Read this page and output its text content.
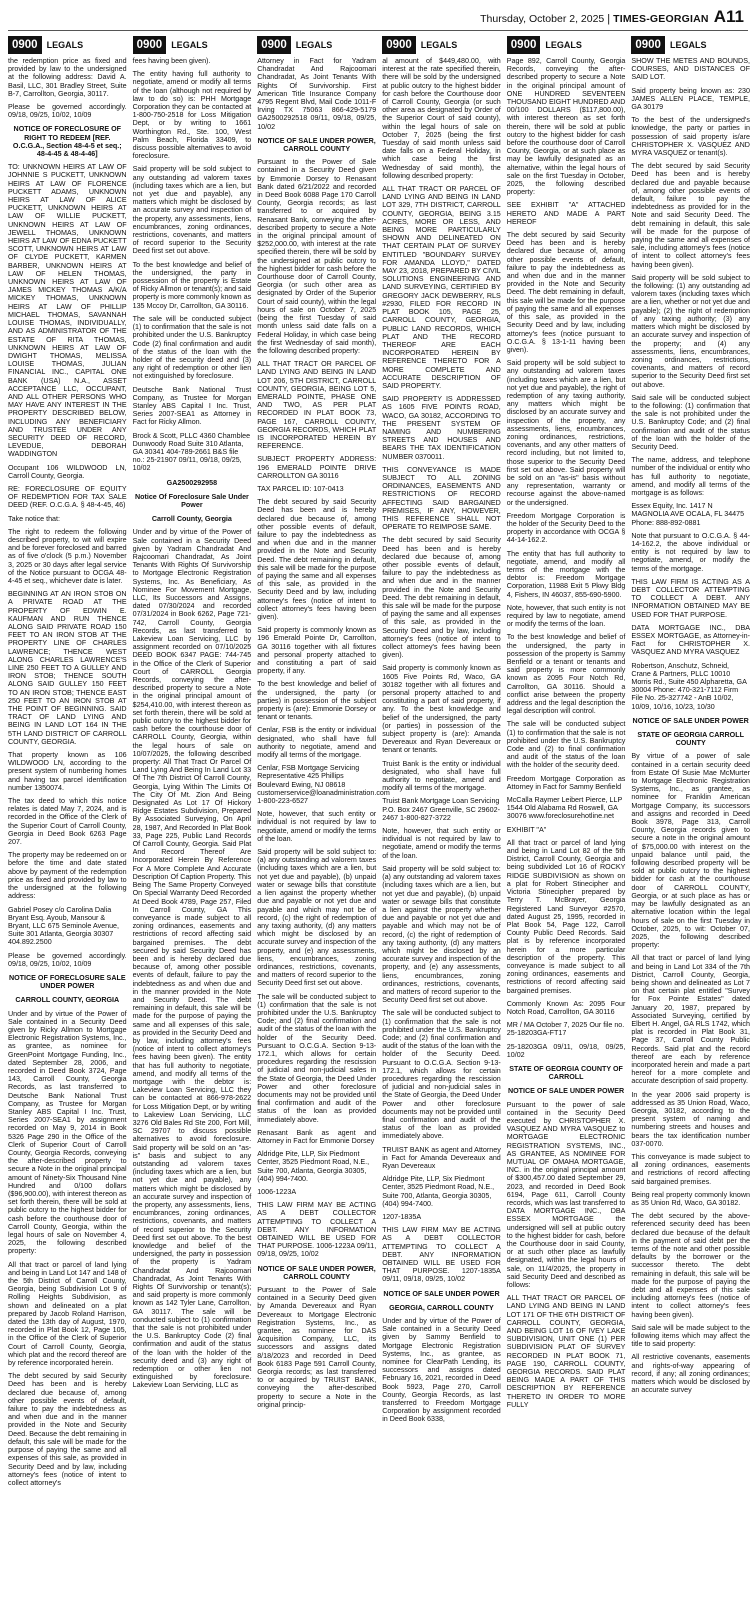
Thursday, October 2, 2025 | TIMES-GEORGIAN A11
0900	LEGALS

the redemption price as fixed and provided by law to the undersigned at the following address: David A. Basil, LLC, 301 Bradley Street, Suite B-7, Carrollton, Georgia, 30117.

Please be governed accordingly. 09/18, 09/25, 10/02, 10/09

NOTICE OF FORECLOSURE OF RIGHT TO REDEEM [REF. O.C.G.A., Section 48-4-5 et seq.; 48-4-45 & 48-4-46]

TO: UNKNOWN HEIRS AT LAW OF JOHNNIE S PUCKETT, UNKNOWN HEIRS AT LAW OF FLORENCE PUCKETT ADAMS, UNKNOWN HEIRS AT LAW OF ALICE PUCKETT, UNKNOWN HEIRS AT LAW OF WILLIE PUCKETT, UNKNOWN HEIRS AT LAW OF JEWELL THOMAS, UNKNOWN HEIRS AT LAW OF EDNA PUCKETT SCOTT, UNKNOWN HEIRS AT LAW OF CLYDE PUCKETT, KARMEN BARBER, UNKNOWN HEIRS AT LAW OF HELEN THOMAS, UNKNOWN HEIRS AT LAW OF JAMES MICKEY THOMAS A/K/A MICKEY THOMAS, UNKNOWN HEIRS AT LAW OF PHILLIP MICHAEL THOMAS, SAVANNAH LOUISE THOMAS, INDIVIDUALLY, AND AS ADMINISTRATOR OF THE ESTATE OF RITA THOMAS, UNKNOWN HEIRS AT LAW OF DWIGHT THOMAS, MELISSA LOUISE THOMAS, JULIAN FINANCIAL INC., CAPITAL ONE BANK (USA) N.A., ASSET ACCEPTANCE LLC, OCCUPANT, AND ALL OTHER PERSONS WHO MAY HAVE ANY INTEREST IN THE PROPERTY DESCRIBED BELOW, INCLUDING ANY BENEFICIARY AND TRUSTEE UNDER ANY SECURITY DEED OF RECORD, LEVEDUE, DEBORAH WADDINGTON

Occupant 106 WILDWOOD LN, Carroll County, Georgia.

RE: FORECLOSURE OF EQUITY OF REDEMPTION FOR TAX SALE DEED (REF. O.C.G.A. § 48-4-45, 46)

Take notice that:

The right to redeem the following described property, to wit will expire and be forever foreclosed and barred as of five o'clock (5 p.m.) November 3, 2025 or 30 days after legal service of the Notice pursuant to OCGA 48-4-45 et seq., whichever date is later.

BEGINNING AT AN IRON STOB ON A PRIVATE ROAD AT THE PROPERTY OF EDWIN E. KAUFMAN AND RUN THENCE ALONG SAID PRIVATE ROAD 150 FEET TO AN IRON STOB AT THE PROPERTY LINE OF CHARLES LAWRENCE; THENCE WEST ALONG CHARLES LAWRENCE'S LINE 250 FEET TO A GULLEY AND IRON STOB; THENCE SOUTH ALONG SAID GULLEY 150 FEET TO AN IRON STOB; THENCE EAST 250 FEET TO AN IRON STOB AT THE POINT OF BEGINNING. SAID TRACT OF LAND LYING AND BEING IN LAND LOT 164 IN THE 5TH LAND DISTRICT OF CARROLL COUNTY, GEORGIA.

That property known as 106 WILDWOOD LN, according to the present system of numbering homes and having tax parcel identification number 1350074.

The tax deed to which this notice relates is dated May 7, 2024, and is recorded in the Office of the Clerk of the Superior Court of Carroll County, Georgia in Deed Book 6263 Page 207.

The property may be redeemed on or before the time and date stated above by payment of the redemption price as fixed and provided by law to the undersigned at the following address:

Gabriel Posey c/o Carolina Dalia Bryant Esq. Ayoub, Mansour & Bryant, LLC 675 Seminole Avenue, Suite 301 Atlanta, Georgia 30307 404.892.2500

Please be governed accordingly. 09/18, 09/25, 10/02, 10/09

NOTICE OF FORECLOSURE SALE UNDER POWER

CARROLL COUNTY, GEORGIA

Under and by virtue of the Power of Sale contained in a Security Deed given by Ricky Allmon to Mortgage Electronic Registration Systems, Inc., as grantee, as nominee for GreenPoint Mortgage Funding, Inc., dated September 28, 2006, and recorded in Deed Book 3724, Page 143, Carroll County, Georgia Records, as last transferred to Deutsche Bank National Trust Company, as Trustee for Morgan Stanley ABS Capital I Inc. Trust, Series 2007-SEA1 by assignment recorded on May 9, 2014 in Book 5326 Page 290 in the Office of the Clerk of Superior Court of Carroll County, Georgia Records, conveying the after-described property to secure a Note in the original principal amount of Ninety-Six Thousand Nine Hundred and 0/100 dollars ($96,900.00), with interest thereon as set forth therein, there will be sold at public outcry to the highest bidder for cash before the courthouse door of Carroll County, Georgia, within the legal hours of sale on November 4, 2025, the following described property:

All that tract or parcel of land lying and being in Land Lot 147 and 148 of the 5th District of Carroll County, Georgia, being Subdivision Lot 9 of Rolling Heights Subdivision, as shown and delineated on a plat prepared by Jacob Roland Harrison, dated the 13th day of August, 1970, recorded in Plat Book 12, Page 105, in the Office of the Clerk of Superior Court of Carroll County, Georgia, which plat and the record thereof are by reference incorporated herein.

The debt secured by said Security Deed has been and is hereby declared due because of, among other possible events of default, failure to pay the indebtedness as and when due and in the manner provided in the Note and Security Deed. Because the debt remaining in default, this sale will be made for the purpose of paying the same and all expenses of this sale, as provided in Security Deed and by law, including attorney's fees (notice of intent to collect attorney's

0900	LEGALS

fees having been given).

The entity having full authority to negotiate, amend or modify all terms of the loan (although not required by law to do so) is: PHH Mortgage Corporation they can be contacted at 1-800-750-2518 for Loss Mitigation Dept, or by writing to 1661 Worthington Rd., Ste. 100, West Palm Beach, Florida 33409, to discuss possible alternatives to avoid foreclosure.

Said property will be sold subject to any outstanding ad valorem taxes (including taxes which are a lien, but not yet due and payable), any matters which might be disclosed by an accurate survey and inspection of the property, any assessments, liens, encumbrances, zoning ordinances, restrictions, covenants, and matters of record superior to the Security Deed first set out above.

To the best knowledge and belief of the undersigned, the party in possession of the property is Estate of Ricky Allmon or tenant(s); and said property is more commonly known as 135 Mccoy Dr, Carrollton, GA 30116.

The sale will be conducted subject (1) to confirmation that the sale is not prohibited under the U.S. Bankruptcy Code (2) final confirmation and audit of the status of the loan with the holder of the security deed and (3) any right of redemption or other lien not extinguished by foreclosure.

Deutsche Bank National Trust Company, as Trustee for Morgan Stanley ABS Capital I Inc. Trust, Series 2007-SEA1 as Attorney in Fact for Ricky Allmon.

Brock & Scott, PLLC 4360 Chamblee Dunwoody Road Suite 310 Atlanta, GA 30341 404-789-2661 B&S file no.: 25-21907 09/11, 09/18, 09/25, 10/02

GA2500292958

Notice Of Foreclosure Sale Under Power

Carroll County, Georgia

Under and by virtue of the Power of Sale contained in a Security Deed given by Yadram Chandradat And Rajcoomari Chandradat, As Joint Tenants With Rights Of Survivorship to Mortgage Electronic Registration Systems, Inc. As Beneficiary, As Nominee For Movement Mortgage, LLC, Its Successors and Assigns, dated 07/30/2024 and recorded 07/31/2024 in Book 6262, Page 721-742, Carroll County, Georgia Records, as last transferred to Lakeview Loan Servicing, LLC by assignment recorded on 07/10/2025 DEED BOOK 6347 PAGE: 744-745 in the Office of the Clerk of Superior Court of CARROLL Georgia Records, conveying the after-described property to secure a Note in the original principal amount of $254,410.00, with interest thereon as set forth therein, there will be sold at public outcry to the highest bidder for cash before the courthouse door of CARROLL County, Georgia, within the legal hours of sale on 10/07/2025, the following described property: All That Tract Or Parcel Of Land Lying And Being In Land Lot 33 Of The 7th District Of Carroll County, Georgia, Lying Within The Limits Of The City Of Mt. Zion And Being Designated As Lot 17 Of Hickory Ridge Estates Subdivision, Prepared By Associated Surveying, On April 28, 1987, And Recorded In Plat Book 33, Page 225, Public Land Records Of Carroll County, Georgia. Said Plat And Record Thereof Are Incorporated Herein By Reference For A More Complete And Accurate Description Of Caption Property. This Being The Same Property Conveyed On Special Warranty Deed Recorded At Deed Book 4789, Page 257, Filed In Carroll County, GA This conveyance is made subject to all zoning ordinances, easements and restrictions of record affecting said bargained premises. The debt secured by said Security Deed has been and is hereby declared due because of, among other possible events of default, failure to pay the indebtedness as and when due and in the manner provided in the Note and Security Deed. The debt remaining in default, this sale will be made for the purpose of paying the same and all expenses of this sale, as provided in the Security Deed and by law, including attorney's fees (notice of intent to collect attorney's fees having been given). The entity that has full authority to negotiate, amend, and modify all terms of the mortgage with the debtor is: Lakeview Loan Servicing, LLC they can be contacted at 866-978-2622 for Loss Mitigation Dept, or by writing to Lakeview Loan Servicing, LLC 3276 Old Bales Rd Ste 200, Fort Mill, SC 29707 to discuss possible alternatives to avoid foreclosure. Said property will be sold on an "as-is" basis and subject to any outstanding ad valorem taxes (including taxes which are a lien, but not yet due and payable), any matters which might be disclosed by an accurate survey and inspection of the property, any assessments, liens, encumbrances, zoning ordinances, restrictions, covenants, and matters of record superior to the Security Deed first set out above. To the best knowledge and belief of the undersigned, the party in possession of the property is Yadram Chandradat And Rajcoomari Chandradat, As Joint Tenants With Rights Of Survivorship or tenant(s); and said property is more commonly known as 142 Tyler Lane, Carrollton, GA 30117. The sale will be conducted subject to (1) confirmation that the sale is not prohibited under the U.S. Bankruptcy Code (2) final confirmation and audit of the status of the loan with the holder of the security deed and (3) any right of redemption or other lien not extinguished by foreclosure. Lakeview Loan Servicing, LLC as

0900	LEGALS

Attorney in Fact for Yadram Chandradat And Rajcoomari Chandradat, As Joint Tenants With Rights Of Survivorship. First American Title Insurance Company 4795 Regent Blvd, Mail Code 1011-F Irving TX 75063 866-429-5179 GA2500292518 09/11, 09/18, 09/25, 10/02

NOTICE OF SALE UNDER POWER, CARROLL COUNTY

Pursuant to the Power of Sale contained in a Security Deed given by Emmonie Dorsey to Renasant Bank dated 6/21/2022 and recorded in Deed Book 6088 Page 170 Carroll County, Georgia records; as last transferred to or acquired by Renasant Bank, conveying the after-described property to secure a Note in the original principal amount of $252,000.00, with interest at the rate specified therein, there will be sold by the undersigned at public outcry to the highest bidder for cash before the Courthouse door of Carroll County, Georgia (or such other area as designated by Order of the Superior Court of said county), within the legal hours of sale on October 7, 2025 (being the first Tuesday of said month unless said date falls on a Federal Holiday, in which case being the first Wednesday of said month), the following described property:

ALL THAT TRACT OR PARCEL OF LAND LYING AND BEING IN LAND LOT 206, 5TH DISTRICT, CARROLL COUNTY, GEORGIA, BEING LOT 5, EMERALD POINTE, PHASE ONE AND TWO, AS PER PLAT RECORDED IN PLAT BOOK 73, PAGE 167, CARROLL COUNTY, GEORGIA RECORDS, WHICH PLAT IS INCORPORATED HEREIN BY REFERENCE.

SUBJECT PROPERTY ADDRESS: 196 EMERALD POINTE DRIVE CARROLLTON GA 30116

TAX PARCEL ID: 107-0413

The debt secured by said Security Deed has been and is hereby declared due because of, among other possible events of default, failure to pay the indebtedness as and when due and in the manner provided in the Note and Security Deed. The debt remaining in default, this sale will be made for the purpose of paying the same and all expenses of this sale, as provided in the Security Deed and by law, including attorney's fees (notice of intent to collect attorney's fees having been given).

Said property is commonly known as 196 Emerald Pointe Dr, Carrollton, GA 30116 together with all fixtures and personal property attached to and constituting a part of said property, if any.

To the best knowledge and belief of the undersigned, the party (or parties) in possession of the subject property is (are): Emmonie Dorsey or tenant or tenants.

Cenlar, FSB is the entity or individual designated, who shall have full authority to negotiate, amend and modify all terms of the mortgage.

Cenlar, FSB Mortgage Servicing Representative 425 Phillips Boulevard Ewing, NJ 08618 customerservice@loanadministration.com 1-800-223-6527

Note, however, that such entity or individual is not required by law to negotiate, amend or modify the terms of the loan.

Said property will be sold subject to: (a) any outstanding ad valorem taxes (including taxes which are a lien, but not yet due and payable), (b) unpaid water or sewage bills that constitute a lien against the property whether due and payable or not yet due and payable and which may not be of record, (c) the right of redemption of any taxing authority, (d) any matters which might be disclosed by an accurate survey and inspection of the property, and (e) any assessments, liens, encumbrances, zoning ordinances, restrictions, covenants, and matters of record superior to the Security Deed first set out above.

The sale will be conducted subject to (1) confirmation that the sale is not prohibited under the U.S. Bankruptcy Code; and (2) final confirmation and audit of the status of the loan with the holder of the Security Deed. Pursuant to O.C.G.A. Section 9-13-172.1, which allows for certain procedures regarding the rescission of judicial and non-judicial sales in the State of Georgia, the Deed Under Power and other foreclosure documents may not be provided until final confirmation and audit of the status of the loan as provided immediately above.

Renasant Bank as agent and Attorney in Fact for Emmonie Dorsey

Aldridge Pite, LLP, Six Piedmont Center, 3525 Piedmont Road, N.E., Suite 700, Atlanta, Georgia 30305, (404) 994-7400.

1006-1223A

THIS LAW FIRM MAY BE ACTING AS A DEBT COLLECTOR ATTEMPTING TO COLLECT A DEBT. ANY INFORMATION OBTAINED WILL BE USED FOR THAT PURPOSE. 1006-1223A 09/11, 09/18, 09/25, 10/02

NOTICE OF SALE UNDER POWER, CARROLL COUNTY

Pursuant to the Power of Sale contained in a Security Deed given by Amanda Devereaux and Ryan Devereaux to Mortgage Electronic Registration Systems, Inc., as grantee, as nominee for DAS Acquisition Company, LLC, its successors and assigns dated 8/18/2023 and recorded in Deed Book 6183 Page 591 Carroll County, Georgia records; as last transferred to or acquired by TRUIST BANK, conveying the after-described property to secure a Note in the original princip-

0900	LEGALS

al amount of $449,480.00, with interest at the rate specified therein, there will be sold by the undersigned at public outcry to the highest bidder for cash before the Courthouse door of Carroll County, Georgia (or such other area as designated by Order of the Superior Court of said county), within the legal hours of sale on October 7, 2025 (being the first Tuesday of said month unless said date falls on a Federal Holiday, in which case being the first Wednesday of said month), the following described property:

ALL THAT TRACT OR PARCEL OF LAND LYING AND BEING IN LAND LOT 329, 7TH DISTRICT, CARROLL COUNTY, GEORGIA, BEING 3.15 ACRES, MORE OR LESS, AND BEING MORE PARTICULARLY SHOWN AND DELINEATED ON THAT CERTAIN PLAT OF SURVEY ENTITLED "BOUNDARY SURVEY FOR AMANDA LLOYD," DATED MAY 23, 2018, PREPARED BY CIVIL SOLUTIONS ENGINEERING AND LAND SURVEYING, CERTIFIED BY GREGORY JACK DEWBERRY, RLS #2930, FILED FOR RECORD IN PLAT BOOK 105, PAGE 25, CARROLL COUNTY, GEORGIA, PUBLIC LAND RECORDS, WHICH PLAT AND THE RECORD THEREOF ARE EACH INCORPORATED HEREIN BY REFERENCE THERETO FOR A MORE COMPLETE AND ACCURATE DESCRIPTION OF SAID PROPERTY.

SAID PROPERTY IS ADDRESSED AS 1605 FIVE POINTS ROAD, WACO, GA 30182, ACCORDING TO THE PRESENT SYSTEM OF NAMING AND NUMBERING STREETS AND HOUSES AND BEARS THE TAX IDENTIFICATION NUMBER 0370011.

THIS CONVEYANCE IS MADE SUBJECT TO ALL ZONING ORDINANCES, EASEMENTS AND RESTRICTIONS OF RECORD AFFECTING SAID BARGAINED PREMISES, IF ANY, HOWEVER, THIS REFERENCE SHALL NOT OPERATE TO REIMPOSE SAME.

The debt secured by said Security Deed has been and is hereby declared due because of, among other possible events of default, failure to pay the indebtedness as and when due and in the manner provided in the Note and Security Deed. The debt remaining in default, this sale will be made for the purpose of paying the same and all expenses of this sale, as provided in the Security Deed and by law, including attorney's fees (notice of intent to collect attorney's fees having been given).

Said property is commonly known as 1605 Five Points Rd, Waco, GA 30182 together with all fixtures and personal property attached to and constituting a part of said property, if any. To the best knowledge and belief of the undersigned, the party (or parties) in possession of the subject property is (are): Amanda Devereaux and Ryan Devereaux or tenant or tenants.

Truist Bank is the entity or individual designated, who shall have full authority to negotiate, amend and modify all terms of the mortgage.

Truist Bank Mortgage Loan Servicing P.O. Box 2467 Greenville, SC 29602-2467 1-800-827-3722

Note, however, that such entity or individual is not required by law to negotiate, amend or modify the terms of the loan.

Said property will be sold subject to: (a) any outstanding ad valorem taxes (including taxes which are a lien, but not yet due and payable), (b) unpaid water or sewage bills that constitute a lien against the property whether due and payable or not yet due and payable and which may not be of record, (c) the right of redemption of any taxing authority, (d) any matters which might be disclosed by an accurate survey and inspection of the property, and (e) any assessments, liens, encumbrances, zoning ordinances, restrictions, covenants, and matters of record superior to the Security Deed first set out above.

The sale will be conducted subject to (1) confirmation that the sale is not prohibited under the U.S. Bankruptcy Code; and (2) final confirmation and audit of the status of the loan with the holder of the Security Deed. Pursuant to O.C.G.A. Section 9-13-172.1, which allows for certain procedures regarding the rescission of judicial and non-judicial sales in the State of Georgia, the Deed Under Power and other foreclosure documents may not be provided until final confirmation and audit of the status of the loan as provided immediately above.

TRUIST BANK as agent and Attorney in Fact for Amanda Devereaux and Ryan Devereaux

Aldridge Pite, LLP, Six Piedmont Center, 3525 Piedmont Road, N.E., Suite 700, Atlanta, Georgia 30305, (404) 994-7400.

1207-1835A

THIS LAW FIRM MAY BE ACTING AS A DEBT COLLECTOR ATTEMPTING TO COLLECT A DEBT. ANY INFORMATION OBTAINED WILL BE USED FOR THAT PURPOSE. 1207-1835A 09/11, 09/18, 09/25, 10/02

NOTICE OF SALE UNDER POWER

GEORGIA, CARROLL COUNTY

Under and by virtue of the Power of Sale contained in a Security Deed given by Sammy Benfield to Mortgage Electronic Registration Systems, Inc., as grantee, as nominee for ClearPath Lending, its successors and assigns dated February 16, 2021, recorded in Deed Book 5923, Page 270, Carroll County, Georgia Records, as last transferred to Freedom Mortgage Corporation by assignment recorded in Deed Book 6338,

0900	LEGALS

Page 892, Carroll County, Georgia Records, conveying the after-described property to secure a Note in the original principal amount of ONE HUNDRED SEVENTEEN THOUSAND EIGHT HUNDRED AND 00/100 DOLLARS ($117,800.00), with interest thereon as set forth therein, there will be sold at public outcry to the highest bidder for cash before the courthouse door of Carroll County, Georgia, or at such place as may be lawfully designated as an alternative, within the legal hours of sale on the first Tuesday in October, 2025, the following described property:

SEE EXHIBIT "A" ATTACHED HERETO AND MADE A PART HEREOF

The debt secured by said Security Deed has been and is hereby declared due because of, among other possible events of default, failure to pay the indebtedness as and when due and in the manner provided in the Note and Security Deed. The debt remaining in default, this sale will be made for the purpose of paying the same and all expenses of this sale, as provided in the Security Deed and by law, including attorney's fees (notice pursuant to O.C.G.A. § 13-1-11 having been given).

Said property will be sold subject to any outstanding ad valorem taxes (including taxes which are a lien, but not yet due and payable), the right of redemption of any taxing authority, any matters which might be disclosed by an accurate survey and inspection of the property, any assessments, liens, encumbrances, zoning ordinances, restrictions, covenants, and any other matters of record including, but not limited to, those superior to the Security Deed first set out above. Said property will be sold on an "as-is" basis without any representation, warranty or recourse against the above-named or the undersigned.

Freedom Mortgage Corporation is the holder of the Security Deed to the property in accordance with OCGA § 44-14-162.2.

The entity that has full authority to negotiate, amend, and modify all terms of the mortgage with the debtor is: Freedom Mortgage Corporation, 11988 Exit 5 Pkwy Bldg 4, Fishers, IN 46037, 855-690-5900.

Note, however, that such entity is not required by law to negotiate, amend or modify the terms of the loan.

To the best knowledge and belief of the undersigned, the party in possession of the property is Sammy Benfield or a tenant or tenants and said property is more commonly known as 2095 Four Notch Rd, Carrollton, GA 30116. Should a conflict arise between the property address and the legal description the legal description will control.

The sale will be conducted subject (1) to confirmation that the sale is not prohibited under the U.S. Bankruptcy Code and (2) to final confirmation and audit of the status of the loan with the holder of the security deed.

Freedom Mortgage Corporation as Attorney in Fact for Sammy Benfield

McCalla Raymer Leibert Pierce, LLP 1544 Old Alabama Rd Roswell, GA 30076 www.foreclosurehotline.net

EXHIBIT "A"

All that tract or parcel of land lying and being in Land Lot 82 of the 5th District, Carroll County, Georgia and being subdivided Lot 16 of ROCKY RIDGE SUBDIVISION as shown on a plat for Robert Stinecipher and Victoria Stinecipher prepared by Terry T. McBrayer, Georgia Registered Land Surveyor #2570, dated August 25, 1995, recorded in Plat Book 54, Page 122, Carroll County Public Deed Records. Said plat is by reference incorporated herein for a more particular description of the property. This conveyance is made subject to all zoning ordinances, easements and restrictions of record affecting said bargained premises.

Commonly Known As: 2095 Four Notch Road, Carrollton, GA 30116

MR / MA October 7, 2025 Our file no. 25-18203GA-FT17

25-18203GA 09/11, 09/18, 09/25, 10/02

STATE OF GEORGIA COUNTY OF CARROLL

NOTICE OF SALE UNDER POWER

Pursuant to the power of sale contained in the Security Deed executed by CHRISTOPHER X. VASQUEZ AND MYRA VASQUEZ to MORTGAGE ELECTRONIC REGISTRATION SYSTEMS, INC., AS GRANTEE, AS NOMINEE FOR MUTUAL OF OMAHA MORTGAGE, INC. in the original principal amount of $300,457.00 dated September 29, 2023, and recorded in Deed Book 6194, Page 611, Carroll County records, which was last transferred to DATA MORTGAGE INC., DBA ESSEX MORTGAGE the undersigned will sell at public outcry to the highest bidder for cash, before the Courthouse door in said County, or at such other place as lawfully designated, within the legal hours of sale, on 11/4/2025, the property in said Security Deed and described as follows:

ALL THAT TRACT OR PARCEL OF LAND LYING AND BEING IN LAND LOT 171 OF THE 6TH DISTRICT OF CARROLL COUNTY, GEORGIA, AND BEING LOT 16 OF IVEY LAKE SUBDIVISION, UNIT ONE (1) PER SUBDIVISION PLAT OF SURVEY RECORDED IN PLAT BOOK 71, PAGE 190, CARROLL COUNTY, GEORGIA RECORDS. SAID PLAT BEING MADE A PART OF THIS DESCRIPTION BY REFERENCE THERETO IN ORDER TO MORE FULLY

0900	LEGALS

SHOW THE METES AND BOUNDS, COURSES, AND DISTANCES OF SAID LOT.

Said property being known as: 230 JAMES ALLEN PLACE, TEMPLE, GA 30179

To the best of the undersigned's knowledge, the party or parties in possession of said property is/are CHRISTOPHER X. VASQUEZ AND MYRA VASQUEZ or tenant(s).

The debt secured by said Security Deed has been and is hereby declared due and payable because of, among other possible events of default, failure to pay the indebtedness as provided for in the Note and said Security Deed. The debt remaining in default, this sale will be made for the purpose of paying the same and all expenses of sale, including attorney's fees (notice of intent to collect attorney's fees having been given).

Said property will be sold subject to the following: (1) any outstanding ad valorem taxes (including taxes which are a lien, whether or not yet due and payable); (2) the right of redemption of any taxing authority; (3) any matters which might be disclosed by an accurate survey and inspection of the property; and (4) any assessments, liens, encumbrances, zoning ordinances, restrictions, covenants, and matters of record superior to the Security Deed first set out above.

Said sale will be conducted subject to the following: (1) confirmation that the sale is not prohibited under the U.S. Bankruptcy Code; and (2) final confirmation and audit of the status of the loan with the holder of the Security Deed.

The name, address, and telephone number of the individual or entity who has full authority to negotiate, amend, and modify all terms of the mortgage is as follows:

Essex Equity, Inc. 1417 N MAGNOLIA AVE OCALA, FL 34475 Phone: 888-892-0881

Note that pursuant to O.C.G.A. § 44-14-162.2, the above individual or entity is not required by law to negotiate, amend, or modify the terms of the mortgage.

THIS LAW FIRM IS ACTING AS A DEBT COLLECTOR ATTEMPTING TO COLLECT A DEBT. ANY INFORMATION OBTAINED MAY BE USED FOR THAT PURPOSE.

DATA MORTGAGE INC., DBA ESSEX MORTGAGE, as Attorney-in-Fact for CHRISTOPHER X. VASQUEZ AND MYRA VASQUEZ

Robertson, Anschutz, Schneid, Crane & Partners, PLLC 10010 Morris Rd., Suite 450 Alpharetta, GA 30004 Phone: 470-321-7112 Firm File No. 25-327742 - AnB 10/02, 10/09, 10/16, 10/23, 10/30

NOTICE OF SALE UNDER POWER

STATE OF GEORGIA CARROLL COUNTY

By virtue of a power of sale contained in a certain security deed from Estate Of Susie Mae McMurter to Mortgage Electronic Registration Systems, Inc., as grantee, as nominee for Franklin American Mortgage Company, its successors and assigns and recorded in Deed Book 3978, Page 313, Carroll County, Georgia records given to secure a note in the original amount of $75,000.00 with interest on the unpaid balance until paid, the following described property will be sold at public outcry to the highest bidder for cash at the courthouse door of CARROLL COUNTY, Georgia, or at such place as has or may be lawfully designated as an alternative location within the legal hours of sale on the first Tuesday in October, 2025, to wit: October 07, 2025, the following described property:

All that tract or parcel of land lying and being in Land Lot 334 of the 7th District, Carroll County, Georgia, being shown and delineated as Lot 7 on that certain plat entitled "Survey for Fox Pointe Estates" dated January 20, 1987, prepared by Associated Surveying, certified by Elbert H. Angel, GA RLS 1742, which plat is recorded in Plat Book 31, Page 37, Carroll County Public Records. Said plat and the record thereof are each by reference incorporated herein and made a part hereof for a more complete and accurate description of said property.

In the year 2006 said property is addressed as 35 Union Road, Waco, Georgia, 30182, according to the present system of naming and numbering streets and houses and bears the tax identification number 037-0070.

This conveyance is made subject to all zoning ordinances, easements and restrictions of record affecting said bargained premises.

Being real property commonly known as 35 Union Rd, Waco, GA 30182.

The debt secured by the above-referenced security deed has been declared due because of the default in the payment of said debt per the terms of the note and other possible defaults by the borrower or the successor thereto. The debt remaining in default, this sale will be made for the purpose of paying the debt and all expenses of this sale including attorney's fees (notice of intent to collect attorney's fees having been given).

Said sale will be made subject to the following items which may affect the title to said property:

All restrictive covenants, easements and rights-of-way appearing of record, if any; all zoning ordinances; matters which would be disclosed by an accurate survey
